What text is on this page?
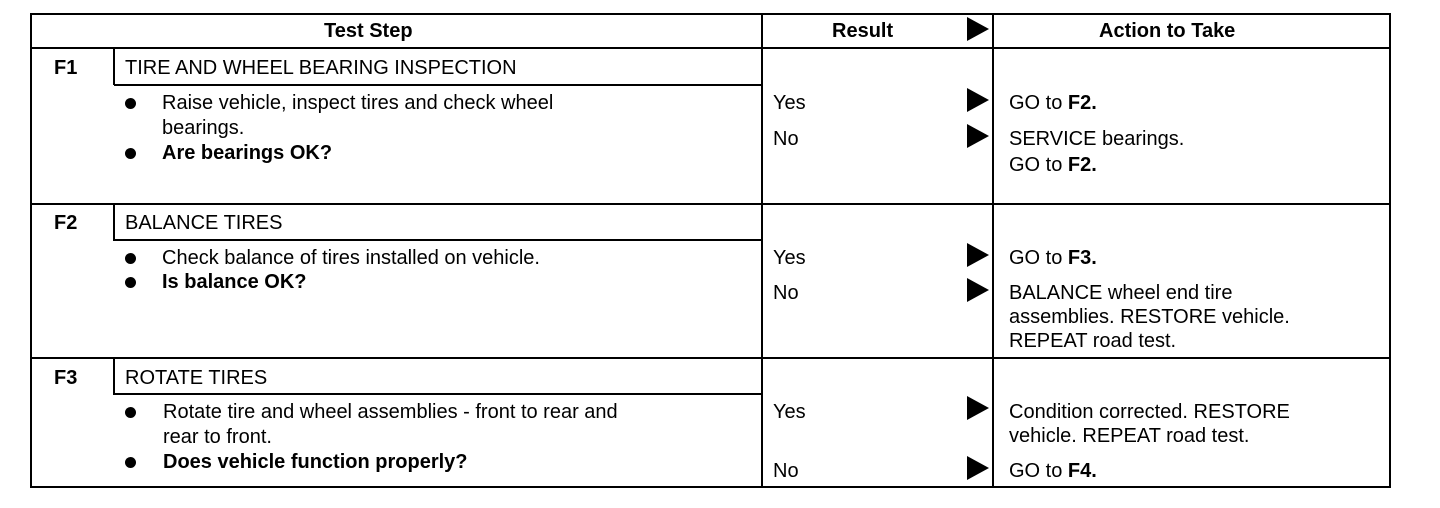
Test Step	Result	Action to Take
F1 TIRE AND WHEEL BEARING INSPECTION
Raise vehicle, inspect tires and check wheel
bearings.
Are bearings OK?
Yes	GO to F2.
No	SERVICE bearings.
GO to F2.
F2 BALANCE TIRES
Check balance of tires installed on vehicle.
Is balance OK?
Yes	GO to F3.
No	BALANCE wheel end tire
assemblies. RESTORE vehicle.
REPEAT road test.
F3 ROTATE TIRES
Rotate tire and wheel assemblies - front to rear and
rear to front.
Does vehicle function properly?
Yes	Condition corrected. RESTORE
vehicle. REPEAT road test.
No	GO to F4.
